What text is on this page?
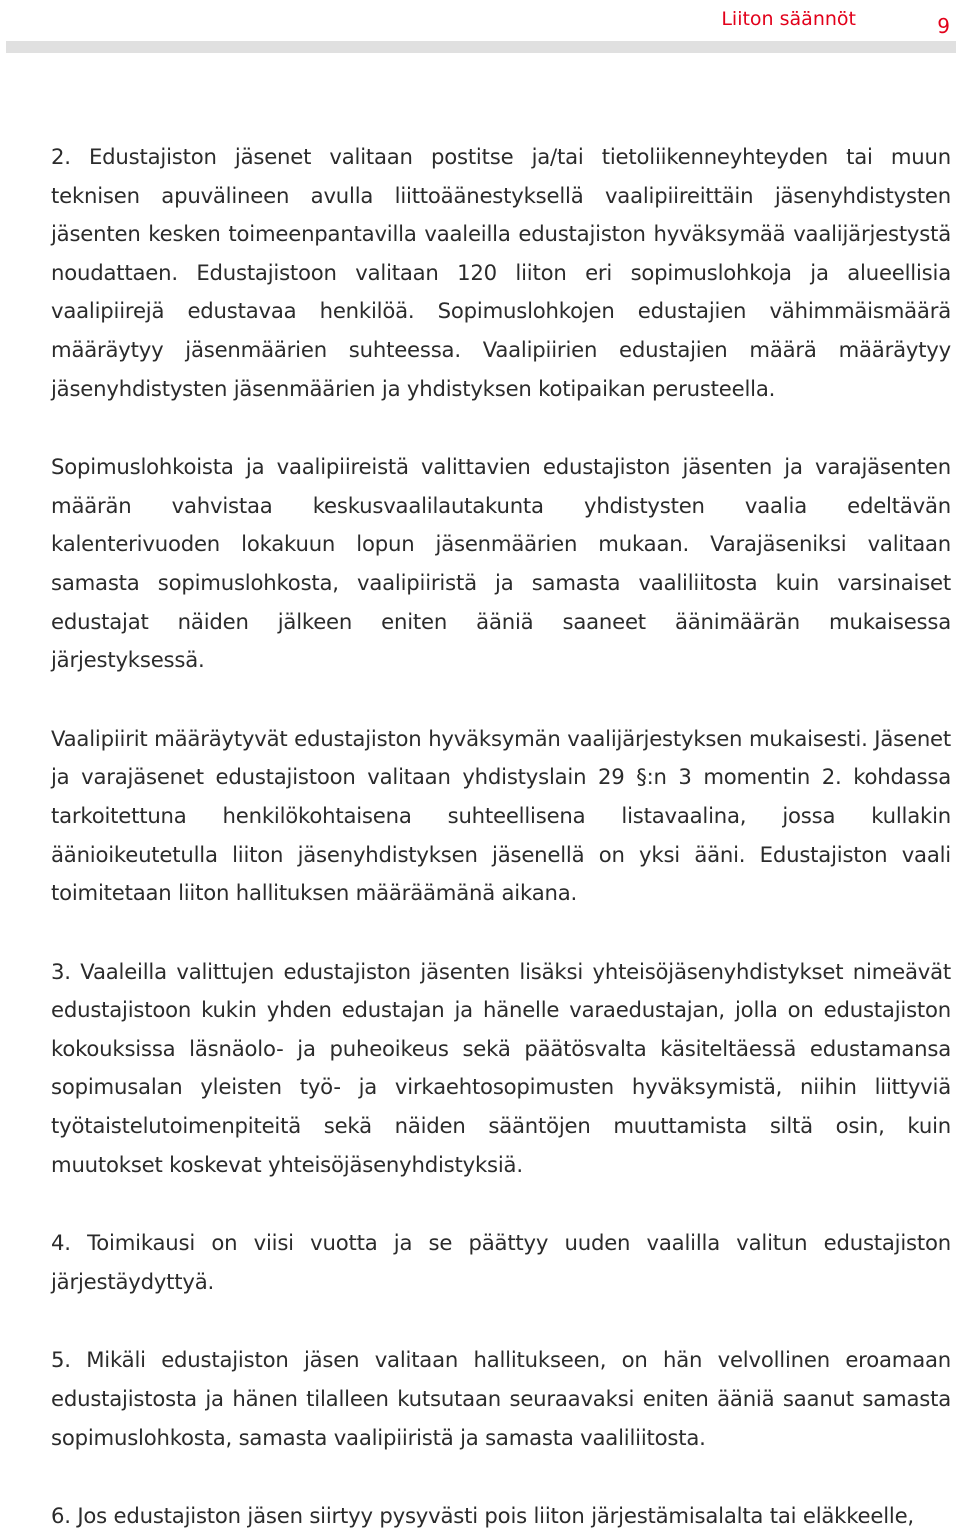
Liiton säännöt	9

2. Edustajiston jäsenet valitaan postitse ja/tai tietoliikenneyhteyden tai muun teknisen apuvälineen avulla liittoäänestyksellä vaalipiireittäin jäsenyhdistysten jäsenten kesken toimeenpantavilla vaaleilla edustajiston hyväksymää vaalijärjestystä noudattaen. Edustajistoon valitaan 120 liiton eri sopimuslohkoja ja alueellisia vaalipiirejä edustavaa henkilöä. Sopimuslohkojen edustajien vähimmäismäärä määräytyy jäsenmäärien suhteessa. Vaalipiirien edustajien määrä määräytyy jäsenyhdistysten jäsenmäärien ja yhdistyksen kotipaikan perusteella.

Sopimuslohkoista ja vaalipiireistä valittavien edustajiston jäsenten ja varajäsenten määrän vahvistaa keskusvaalilautakunta yhdistysten vaalia edeltävän kalenterivuoden lokakuun lopun jäsenmäärien mukaan. Varajäseniksi valitaan samasta sopimuslohkosta, vaalipiiristä ja samasta vaaliliitosta kuin varsinaiset edustajat näiden jälkeen eniten ääniä saaneet äänimäärän mukaisessa järjestyksessä.

Vaalipiirit määräytyvät edustajiston hyväksymän vaalijärjestyksen mukaisesti. Jäsenet ja varajäsenet edustajistoon valitaan yhdistyslain 29 §:n 3 momentin 2. kohdassa tarkoitettuna henkilökohtaisena suhteellisena listavaalina, jossa kullakin äänioikeutetulla liiton jäsenyhdistyksen jäsenellä on yksi ääni. Edustajiston vaali toimitetaan liiton hallituksen määräämänä aikana.

3. Vaaleilla valittujen edustajiston jäsenten lisäksi yhteisöjäsenyhdistykset nimeävät edustajistoon kukin yhden edustajan ja hänelle varaedustajan, jolla on edustajiston kokouksissa läsnäolo- ja puheoikeus sekä päätösvalta käsiteltäessä edustamansa sopimusalan yleisten työ- ja virkaehtosopimusten hyväksymistä, niihin liittyviä työtaistelutoimenpiteitä sekä näiden sääntöjen muuttamista siltä osin, kuin muutokset koskevat yhteisöjäsenyhdistyksiä.

4. Toimikausi on viisi vuotta ja se päättyy uuden vaalilla valitun edustajiston järjestäydyttyä.

5. Mikäli edustajiston jäsen valitaan hallitukseen, on hän velvollinen eroamaan edustajistosta ja hänen tilalleen kutsutaan seuraavaksi eniten ääniä saanut samasta sopimuslohkosta, samasta vaalipiiristä ja samasta vaaliliitosta.

6. Jos edustajiston jäsen siirtyy pysyvästi pois liiton järjestämisalalta tai eläkkeelle,
